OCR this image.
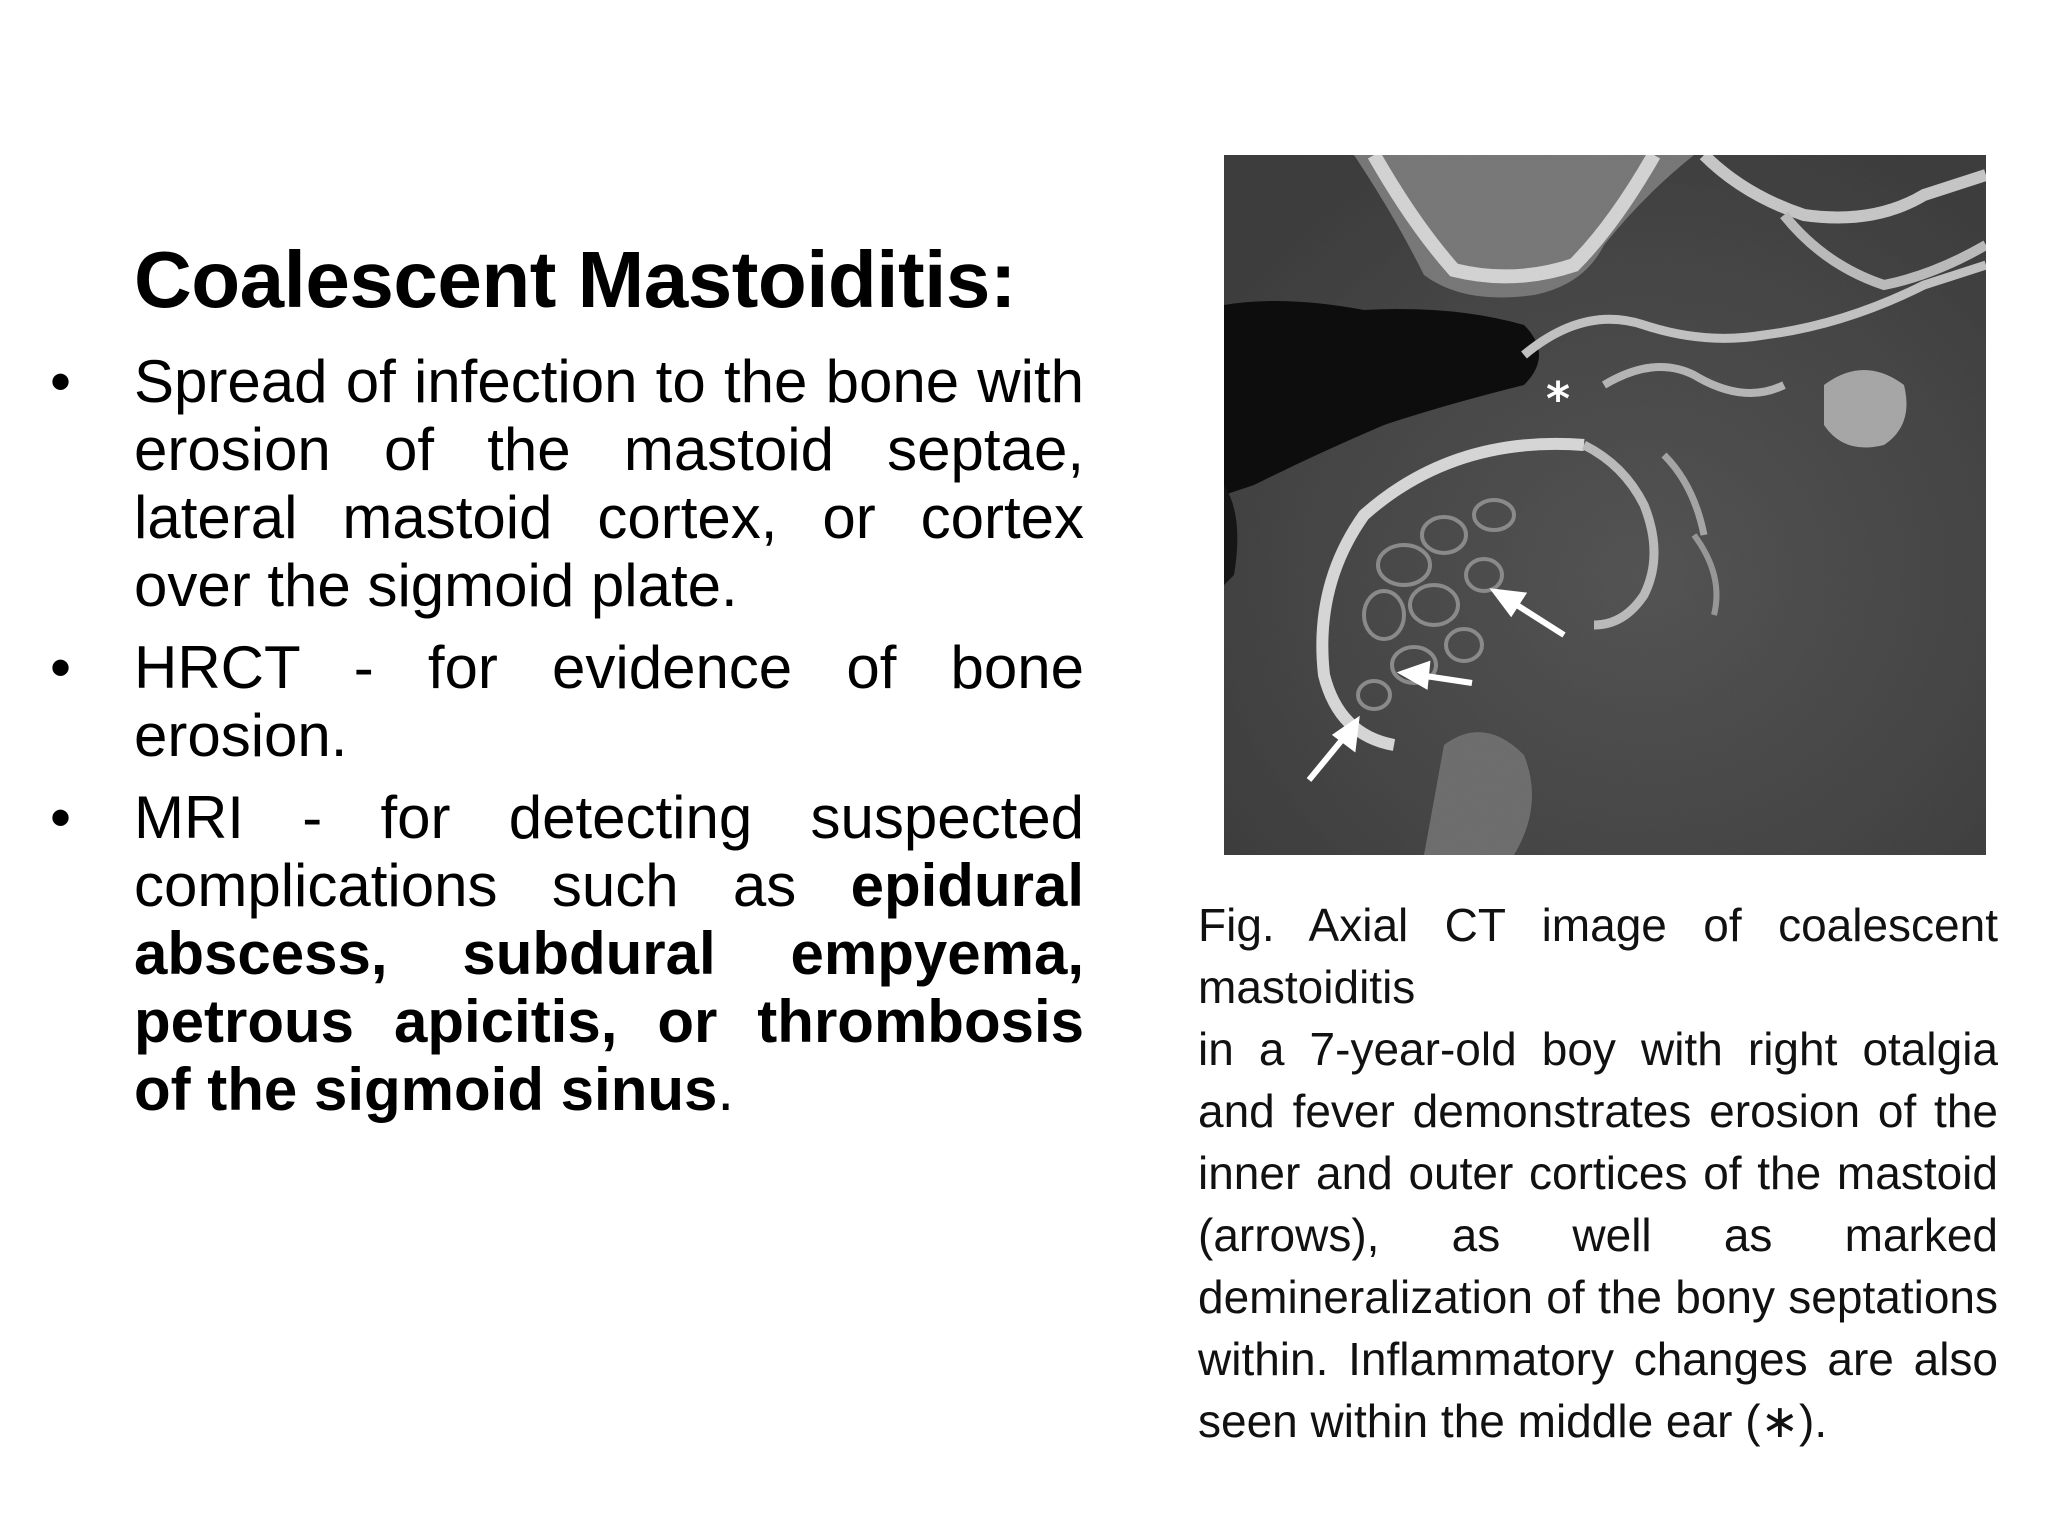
Coalescent Mastoiditis:
•	Spread of infection to the bone with erosion of the mastoid septae, lateral mastoid cortex, or cortex over the sigmoid plate.
•	HRCT - for evidence of bone erosion.
•	MRI - for detecting suspected complications such as epidural abscess, subdural empyema, petrous apicitis, or thrombosis of the sigmoid sinus.
*
Fig. Axial CT image of coalescent mastoiditis
in a 7-year-old boy with right otalgia and fever demonstrates erosion of the inner and outer cortices of the mastoid (arrows), as well as marked demineralization of the bony septations within. Inflammatory changes are also seen within the middle ear (∗).
